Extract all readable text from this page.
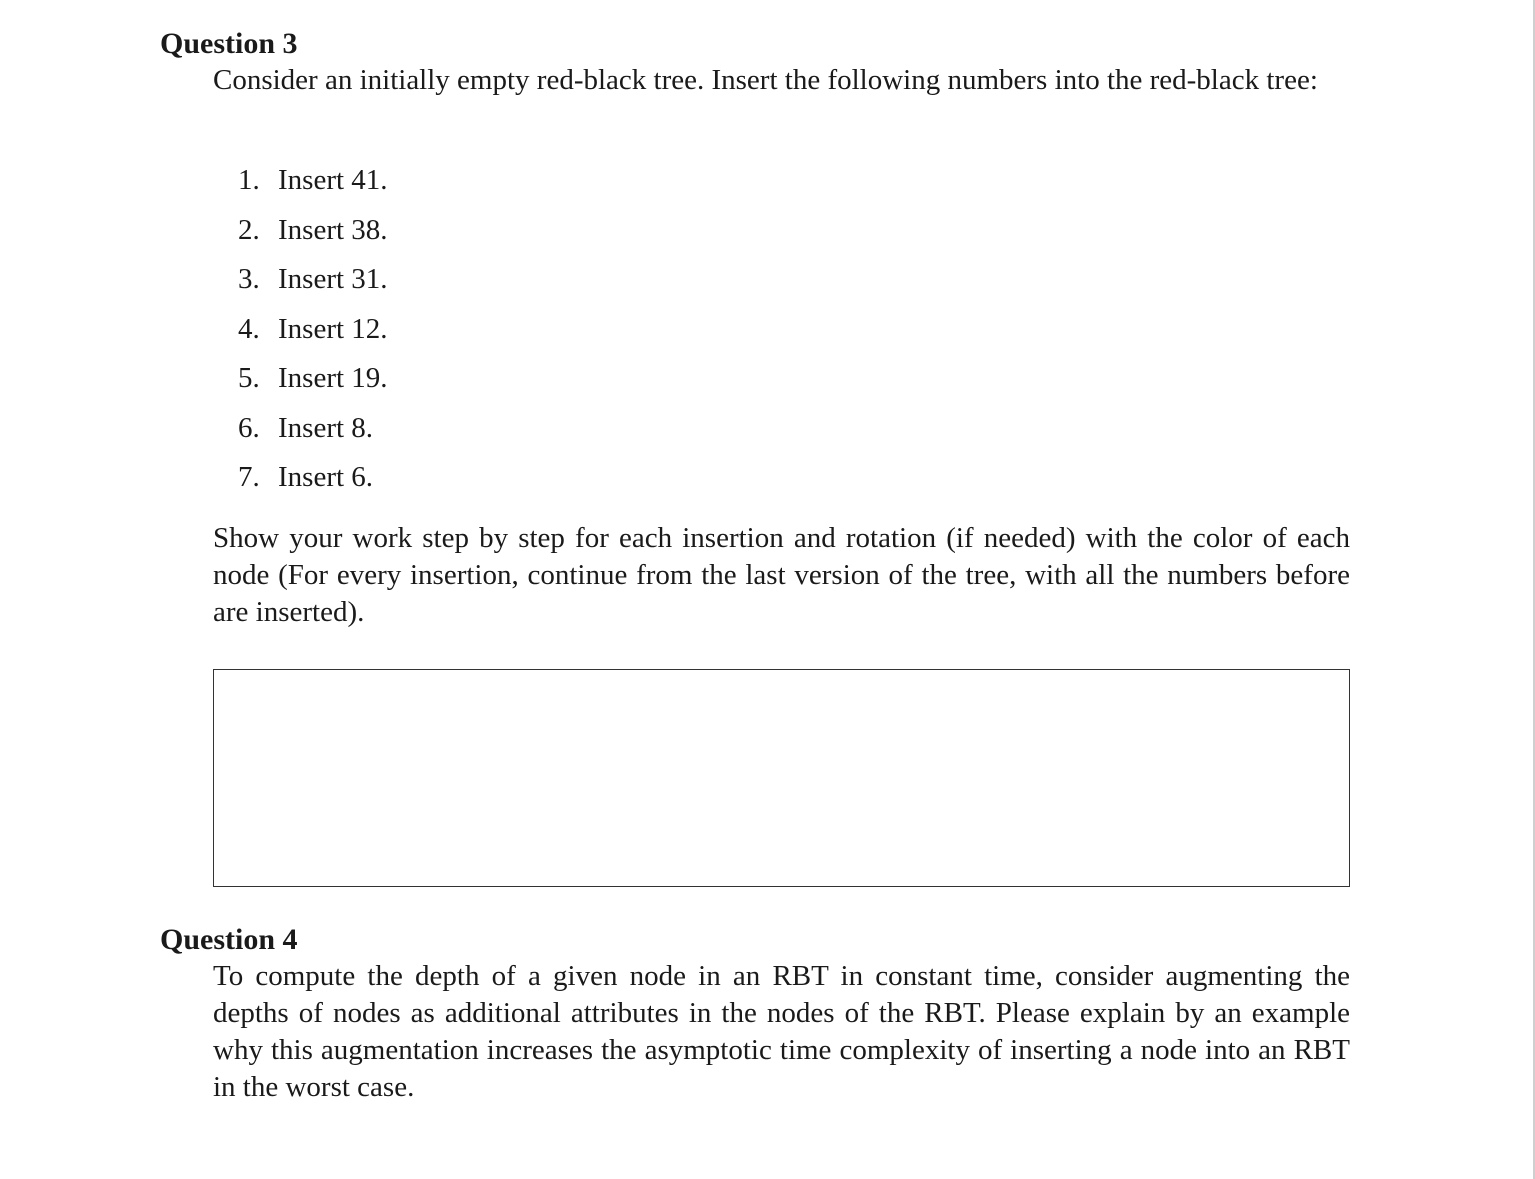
Question 3

Consider an initially empty red-black tree. Insert the following numbers into the red-black tree:

1. Insert 41.
2. Insert 38.
3. Insert 31.
4. Insert 12.
5. Insert 19.
6. Insert 8.
7. Insert 6.

Show your work step by step for each insertion and rotation (if needed) with the color of each node (For every insertion, continue from the last version of the tree, with all the numbers before are inserted).

Question 4

To compute the depth of a given node in an RBT in constant time, consider augmenting the depths of nodes as additional attributes in the nodes of the RBT. Please explain by an example why this augmentation increases the asymptotic time complexity of inserting a node into an RBT in the worst case.
